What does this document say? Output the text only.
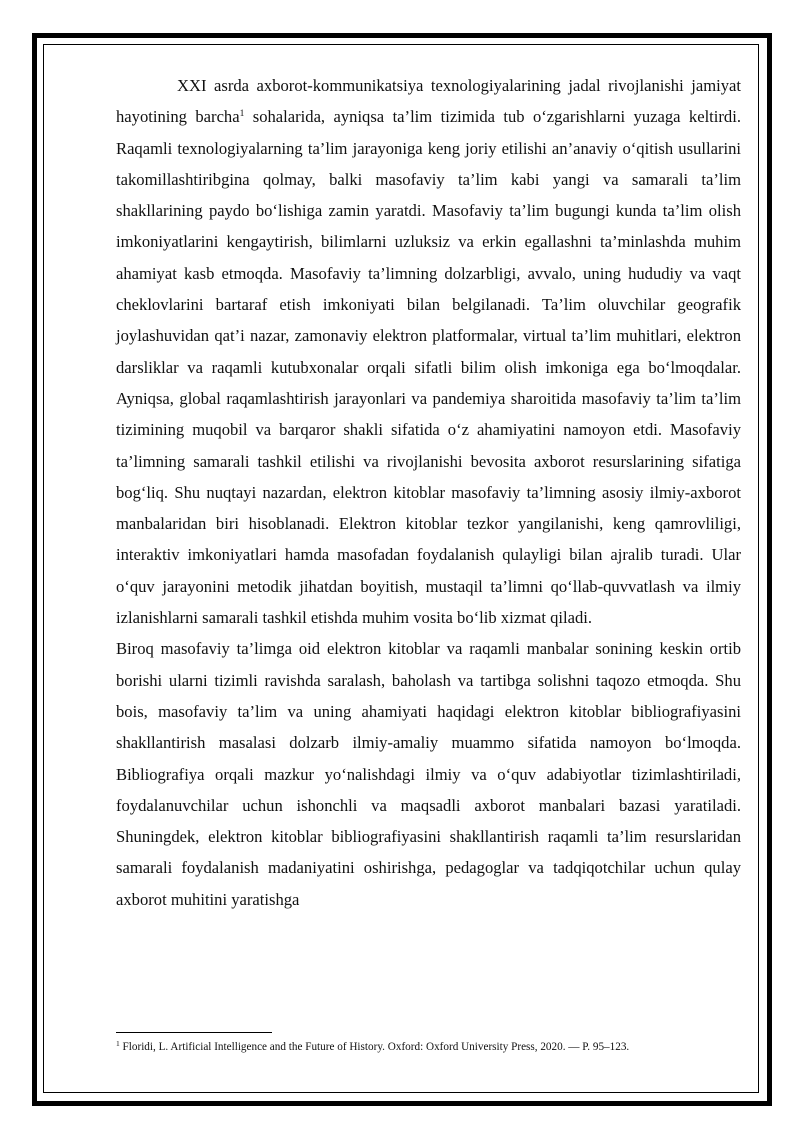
XXI asrda axborot-kommunikatsiya texnologiyalarining jadal rivojlanishi jamiyat hayotining barcha$^1$ sohalarida, ayniqsa ta’lim tizimida tub o‘zgarishlarni yuzaga keltirdi. Raqamli texnologiyalarning ta’lim jarayoniga keng joriy etilishi an’anaviy o‘qitish usullarini takomillashtiribgina qolmay, balki masofaviy ta’lim kabi yangi va samarali ta’lim shakllarining paydo bo‘lishiga zamin yaratdi. Masofaviy ta’lim bugungi kunda ta’lim olish imkoniyatlarini kengaytirish, bilimlarni uzluksiz va erkin egallashni ta’minlashda muhim ahamiyat kasb etmoqda. Masofaviy ta’limning dolzarbligi, avvalo, uning hududiy va vaqt cheklovlarini bartaraf etish imkoniyati bilan belgilanadi. Ta’lim oluvchilar geografik joylashuvidan qat’i nazar, zamonaviy elektron platformalar, virtual ta’lim muhitlari, elektron darsliklar va raqamli kutubxonalar orqali sifatli bilim olish imkoniga ega bo‘lmoqdalar. Ayniqsa, global raqamlashtirish jarayonlari va pandemiya sharoitida masofaviy ta’lim ta’lim tizimining muqobil va barqaror shakli sifatida o‘z ahamiyatini namoyon etdi. Masofaviy ta’limning samarali tashkil etilishi va rivojlanishi bevosita axborot resurslarining sifatiga bog‘liq. Shu nuqtayi nazardan, elektron kitoblar masofaviy ta’limning asosiy ilmiy-axborot manbalaridan biri hisoblanadi. Elektron kitoblar tezkor yangilanishi, keng qamrovliligi, interaktiv imkoniyatlari hamda masofadan foydalanish qulayligi bilan ajralib turadi. Ular o‘quv jarayonini metodik jihatdan boyitish, mustaqil ta’limni qo‘llab-quvvatlash va ilmiy izlanishlarni samarali tashkil etishda muhim vosita bo‘lib xizmat qiladi.

Biroq masofaviy ta’limga oid elektron kitoblar va raqamli manbalar sonining keskin ortib borishi ularni tizimli ravishda saralash, baholash va tartibga solishni taqozo etmoqda. Shu bois, masofaviy ta’lim va uning ahamiyati haqidagi elektron kitoblar bibliografiyasini shakllantirish masalasi dolzarb ilmiy-amaliy muammo sifatida namoyon bo‘lmoqda. Bibliografiya orqali mazkur yo‘nalishdagi ilmiy va o‘quv adabiyotlar tizimlashtiriladi, foydalanuvchilar uchun ishonchli va maqsadli axborot manbalari bazasi yaratiladi. Shuningdek, elektron kitoblar bibliografiyasini shakllantirish raqamli ta’lim resurslaridan samarali foydalanish madaniyatini oshirishga, pedagoglar va tadqiqotchilar uchun qulay axborot muhitini yaratishga

$^1$ Floridi, L. Artificial Intelligence and the Future of History. Oxford: Oxford University Press, 2020. — P. 95–123.
